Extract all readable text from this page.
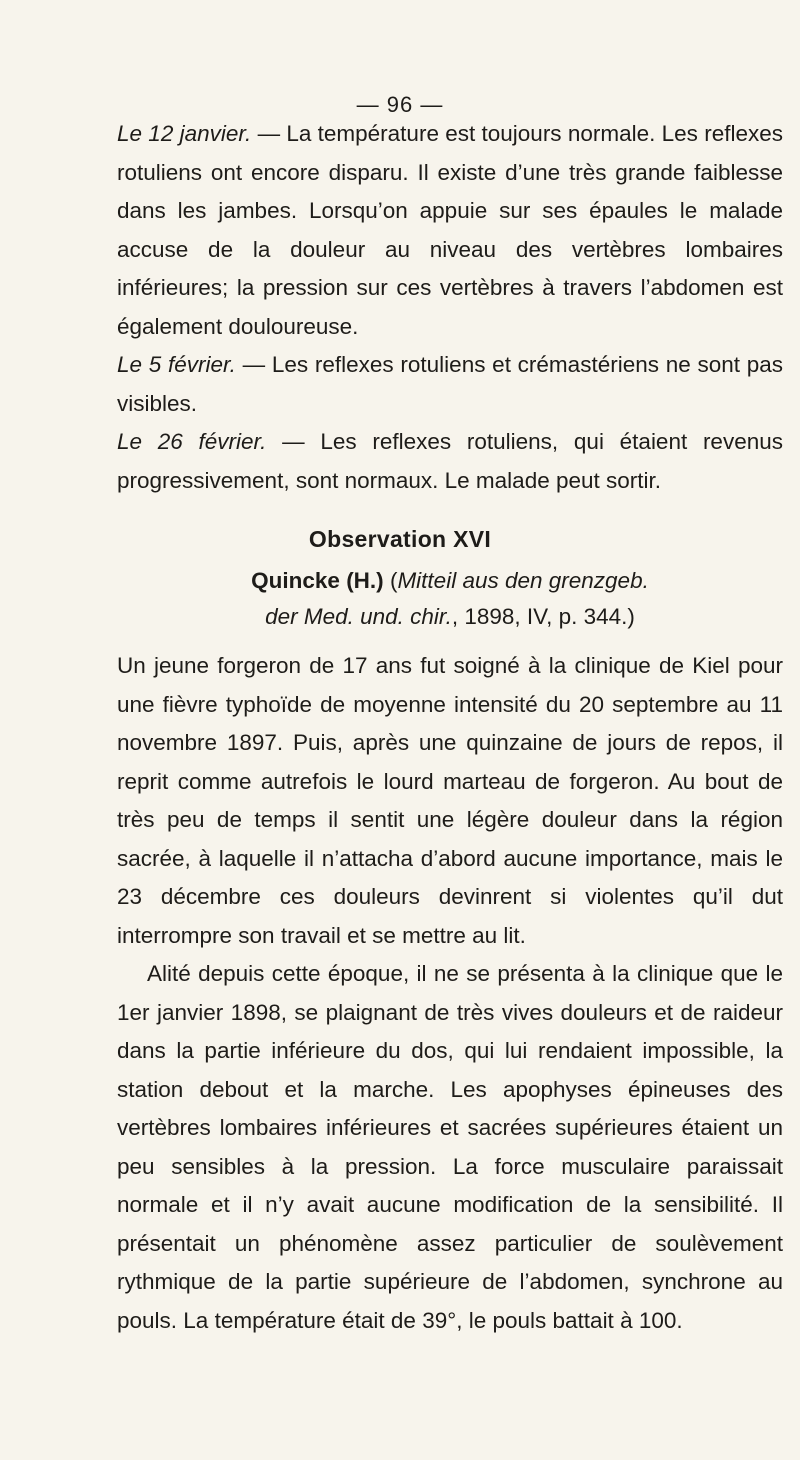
— 96 —

Le 12 janvier. — La température est toujours normale. Les reflexes rotuliens ont encore disparu. Il existe d’une très grande faiblesse dans les jambes. Lorsqu’on appuie sur ses épaules le malade accuse de la douleur au niveau des vertèbres lombaires inférieures; la pression sur ces vertèbres à travers l’abdomen est également douloureuse.

Le 5 février. — Les reflexes rotuliens et crémastériens ne sont pas visibles.

Le 26 février. — Les reflexes rotuliens, qui étaient revenus progressivement, sont normaux. Le malade peut sortir.

Observation XVI
Quincke (H.) (Mitteil aus den grenzgeb.
der Med. und. chir., 1898, IV, p. 344.)

Un jeune forgeron de 17 ans fut soigné à la clinique de Kiel pour une fièvre typhoïde de moyenne intensité du 20 septembre au 11 novembre 1897. Puis, après une quinzaine de jours de repos, il reprit comme autrefois le lourd marteau de forgeron. Au bout de très peu de temps il sentit une légère douleur dans la région sacrée, à laquelle il n’attacha d’abord aucune importance, mais le 23 décembre ces douleurs devinrent si violentes qu’il dut interrompre son travail et se mettre au lit.

Alité depuis cette époque, il ne se présenta à la clinique que le 1er janvier 1898, se plaignant de très vives douleurs et de raideur dans la partie inférieure du dos, qui lui rendaient impossible, la station debout et la marche. Les apophyses épineuses des vertèbres lombaires inférieures et sacrées supérieures étaient un peu sensibles à la pression. La force musculaire paraissait normale et il n’y avait aucune modification de la sensibilité. Il présentait un phénomène assez particulier de soulèvement rythmique de la partie supérieure de l’abdomen, synchrone au pouls. La température était de 39°, le pouls battait à 100.
